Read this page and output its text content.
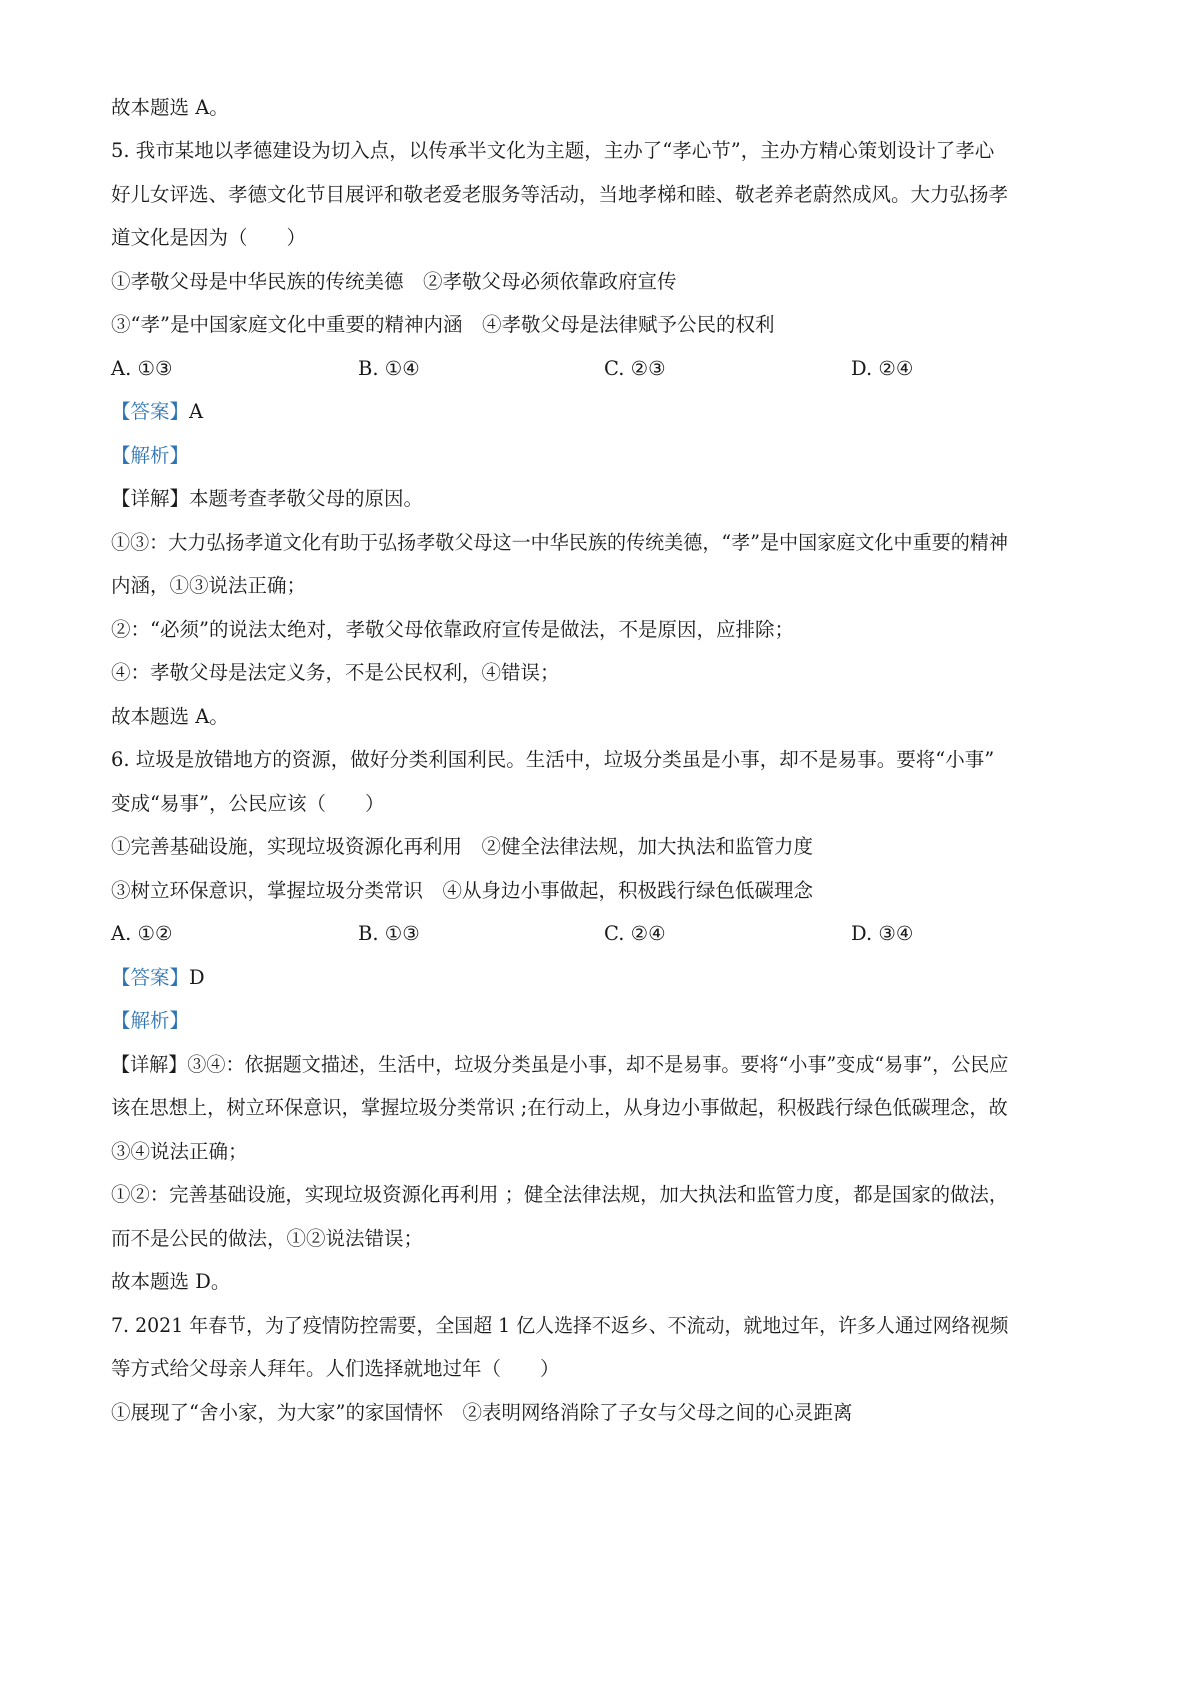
故本题选 A。
5. 我市某地以孝德建设为切入点，以传承半文化为主题，主办了“孝心节”，主办方精心策划设计了孝心
好儿女评选、孝德文化节目展评和敬老爱老服务等活动，当地孝梯和睦、敬老养老蔚然成风。大力弘扬孝
道文化是因为（　　）
①孝敬父母是中华民族的传统美德　②孝敬父母必须依靠政府宣传
③“孝”是中国家庭文化中重要的精神内涵　④孝敬父母是法律赋予公民的权利
A. ①③	B. ①④	C. ②③	D. ②④
【答案】A
【解析】
【详解】本题考查孝敬父母的原因。
①③：大力弘扬孝道文化有助于弘扬孝敬父母这一中华民族的传统美德，“孝”是中国家庭文化中重要的精神
内涵，①③说法正确；
②：“必须”的说法太绝对，孝敬父母依靠政府宣传是做法，不是原因，应排除；
④：孝敬父母是法定义务，不是公民权利，④错误；
故本题选 A。
6. 垃圾是放错地方的资源，做好分类利国利民。生活中，垃圾分类虽是小事，却不是易事。要将“小事”
变成“易事”，公民应该（　　）
①完善基础设施，实现垃圾资源化再利用　②健全法律法规，加大执法和监管力度
③树立环保意识，掌握垃圾分类常识　④从身边小事做起，积极践行绿色低碳理念
A. ①②	B. ①③	C. ②④	D. ③④
【答案】D
【解析】
【详解】③④：依据题文描述，生活中，垃圾分类虽是小事，却不是易事。要将“小事”变成“易事”，公民应
该在思想上，树立环保意识，掌握垃圾分类常识 ;在行动上，从身边小事做起，积极践行绿色低碳理念，故
③④说法正确；
①②：完善基础设施，实现垃圾资源化再利用 ；健全法律法规，加大执法和监管力度，都是国家的做法，
而不是公民的做法，①②说法错误；
故本题选 D。
7. 2021 年春节，为了疫情防控需要，全国超 1 亿人选择不返乡、不流动，就地过年，许多人通过网络视频
等方式给父母亲人拜年。人们选择就地过年（　　）
①展现了“舍小家，为大家”的家国情怀　②表明网络消除了子女与父母之间的心灵距离
